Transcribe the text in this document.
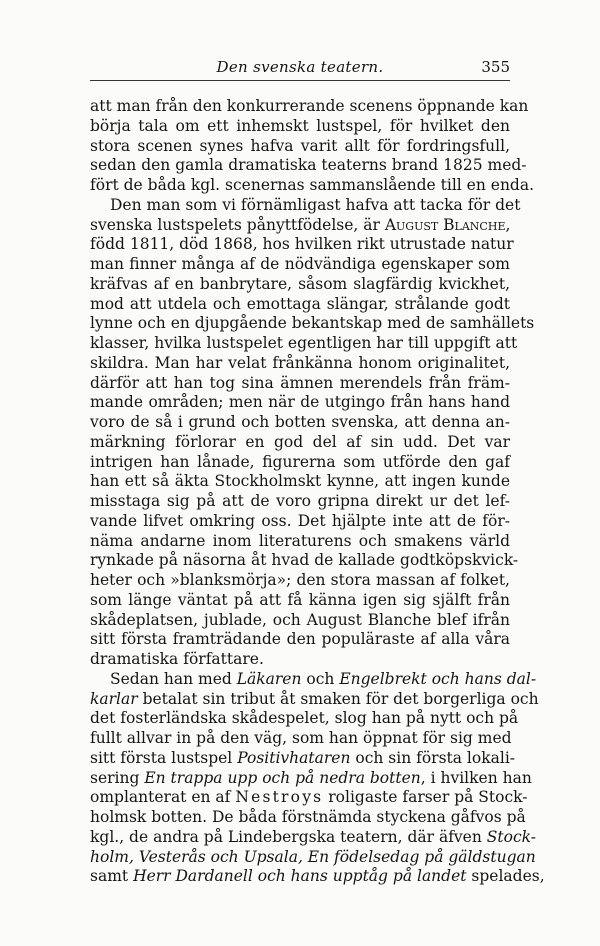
Den svenska teatern.	355
att man från den konkurrerande scenens öppnande kan
börja tala om ett inhemskt lustspel, för hvilket den
stora scenen synes hafva varit allt för fordringsfull,
sedan den gamla dramatiska teaterns brand 1825 med-
fört de båda kgl. scenernas sammanslående till en enda.
Den man som vi förnämligast hafva att tacka för det
svenska lustspelets pånyttfödelse, är August Blanche,
född 1811, död 1868, hos hvilken rikt utrustade natur
man finner många af de nödvändiga egenskaper som
kräfvas af en banbrytare, såsom slagfärdig kvickhet,
mod att utdela och emottaga slängar, strålande godt
lynne och en djupgående bekantskap med de samhällets
klasser, hvilka lustspelet egentligen har till uppgift att
skildra. Man har velat frånkänna honom originalitet,
därför att han tog sina ämnen merendels från främ-
mande områden; men när de utgingo från hans hand
voro de så i grund och botten svenska, att denna an-
märkning förlorar en god del af sin udd. Det var
intrigen han lånade, figurerna som utförde den gaf
han ett så äkta Stockholmskt kynne, att ingen kunde
misstaga sig på att de voro gripna direkt ur det lef-
vande lifvet omkring oss. Det hjälpte inte att de för-
nämа andarne inom literaturens och smakens värld
rynkade på näsorna åt hvad de kallade godtköpskvick-
heter och »blanksmörja»; den stora massan af folket,
som länge väntat på att få känna igen sig själft från
skådeplatsen, jublade, och August Blanche blef ifrån
sitt första framträdande den populäraste af alla våra
dramatiska författare.
Sedan han med Läkaren och Engelbrekt och hans dal-
karlar betalat sin tribut åt smaken för det borgerliga och
det fosterländska skådespelet, slog han på nytt och på
fullt allvar in på den väg, som han öppnat för sig med
sitt första lustspel Positivhataren och sin första lokali-
sering En trappa upp och på nedra botten, i hvilken han
omplanterat en af Nestroys roligaste farser på Stock-
holmsk botten. De båda förstnämda styckena gåfvos på
kgl., de andra på Lindebergska teatern, där äfven Stock-
holm, Vesterås och Upsala, En födelsedag på gäldstugan
samt Herr Dardanell och hans upptåg på landet spelades,
